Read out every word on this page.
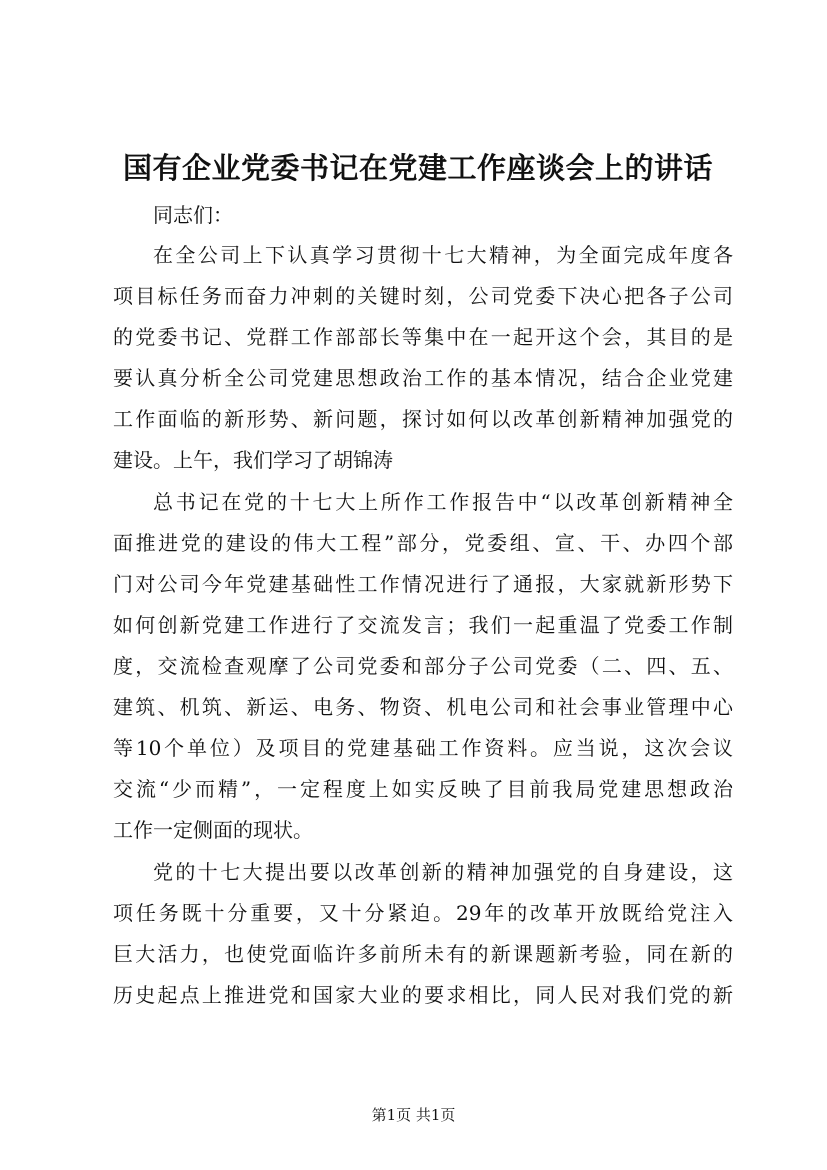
国有企业党委书记在党建工作座谈会上的讲话
同志们：
在全公司上下认真学习贯彻十七大精神，为全面完成年度各
项目标任务而奋力冲刺的关键时刻，公司党委下决心把各子公司
的党委书记、党群工作部部长等集中在一起开这个会，其目的是
要认真分析全公司党建思想政治工作的基本情况，结合企业党建
工作面临的新形势、新问题，探讨如何以改革创新精神加强党的
建设。上午，我们学习了胡锦涛
总书记在党的十七大上所作工作报告中“以改革创新精神全
面推进党的建设的伟大工程”部分，党委组、宣、干、办四个部
门对公司今年党建基础性工作情况进行了通报，大家就新形势下
如何创新党建工作进行了交流发言；我们一起重温了党委工作制
度，交流检查观摩了公司党委和部分子公司党委（二、四、五、
建筑、机筑、新运、电务、物资、机电公司和社会事业管理中心
等10个单位）及项目的党建基础工作资料。应当说，这次会议
交流“少而精”，一定程度上如实反映了目前我局党建思想政治
工作一定侧面的现状。
党的十七大提出要以改革创新的精神加强党的自身建设，这
项任务既十分重要，又十分紧迫。29年的改革开放既给党注入
巨大活力，也使党面临许多前所未有的新课题新考验，同在新的
历史起点上推进党和国家大业的要求相比，同人民对我们党的新
第1页 共1页
